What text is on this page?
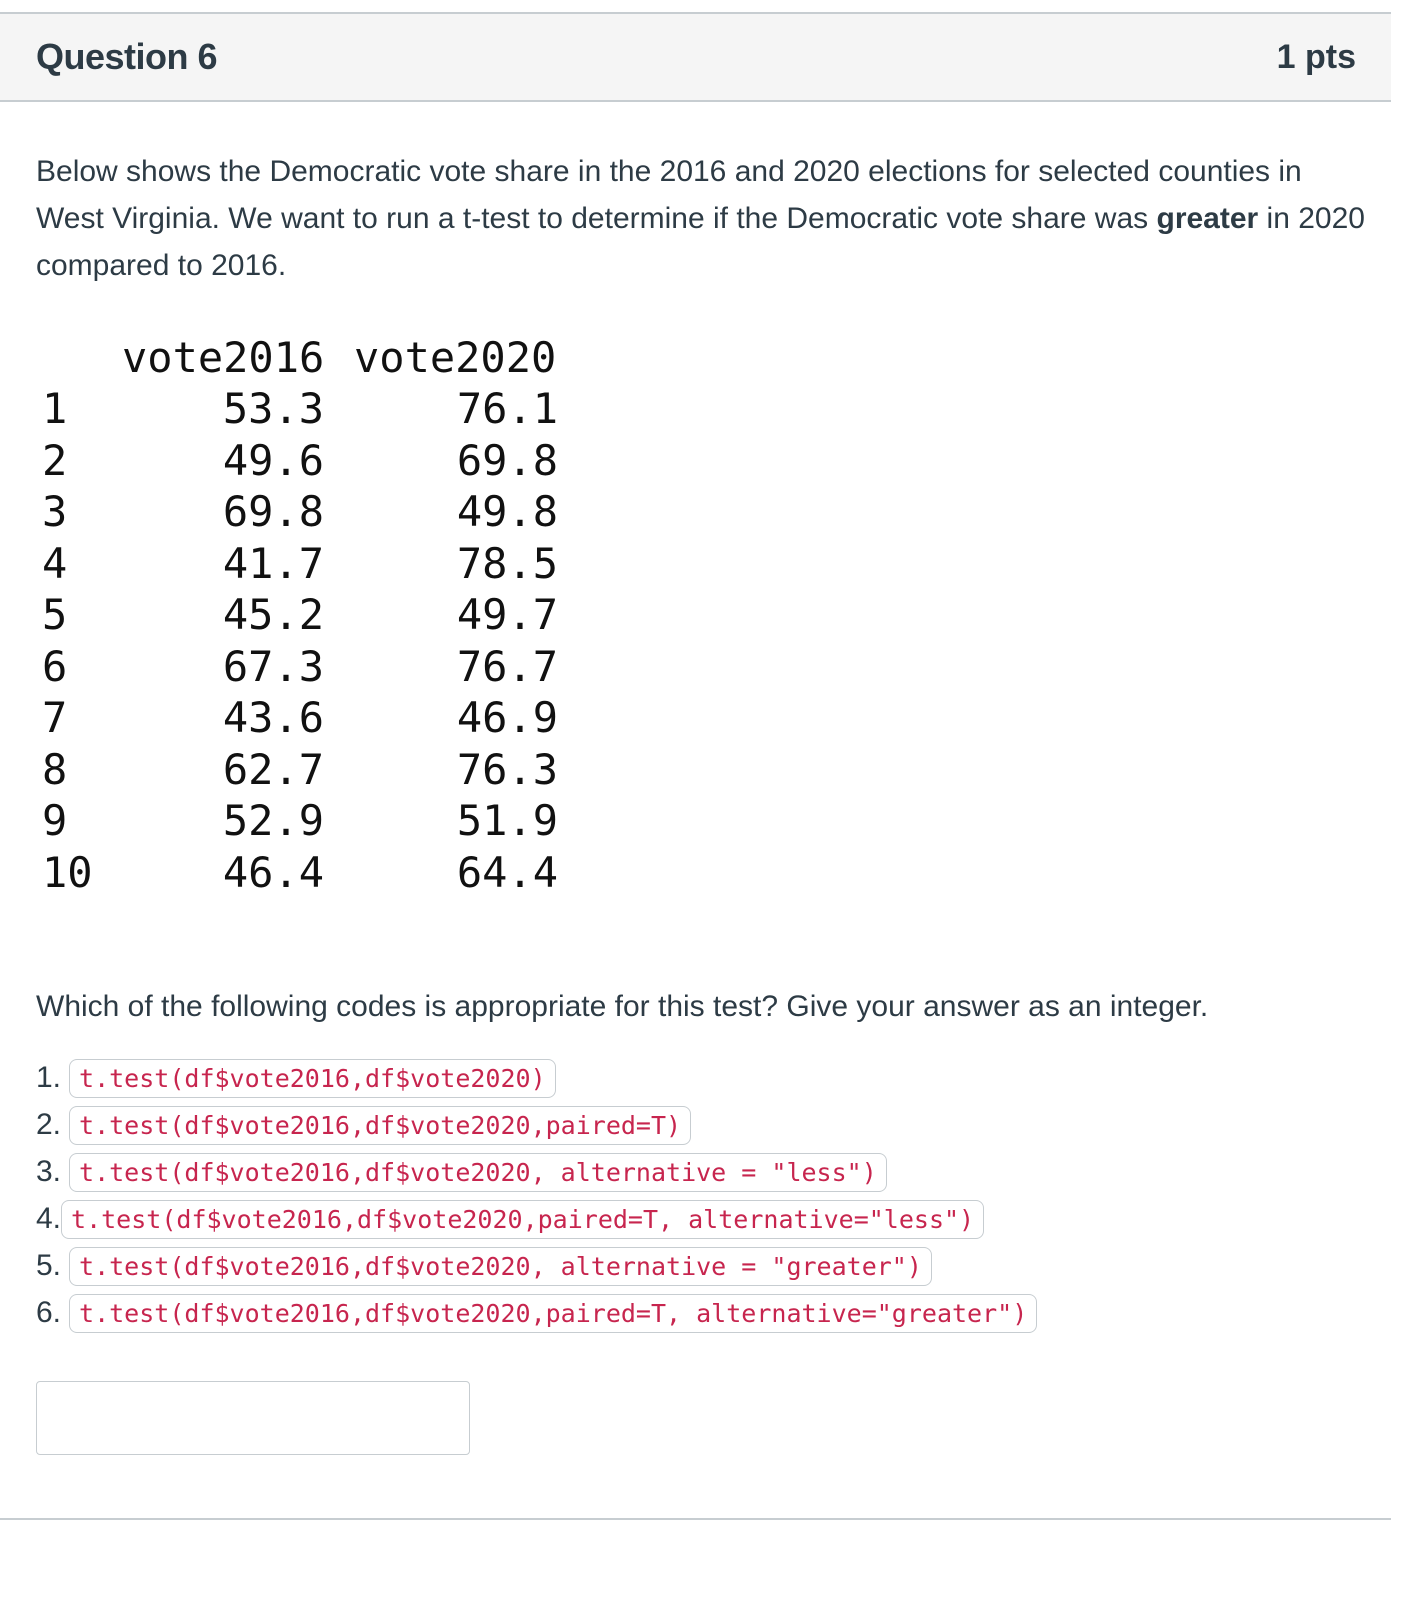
Question 6	1 pts
Below shows the Democratic vote share in the 2016 and 2020 elections for selected counties in West Virginia. We want to run a t-test to determine if the Democratic vote share was greater in 2020 compared to 2016.
vote2016 vote2020
1	53.3	76.1
2	49.6	69.8
3	69.8	49.8
4	41.7	78.5
5	45.2	49.7
6	67.3	76.7
7	43.6	46.9
8	62.7	76.3
9	52.9	51.9
10	46.4	64.4
Which of the following codes is appropriate for this test? Give your answer as an integer.
1. t.test(df$vote2016,df$vote2020)
2. t.test(df$vote2016,df$vote2020,paired=T)
3. t.test(df$vote2016,df$vote2020, alternative = "less")
4. t.test(df$vote2016,df$vote2020,paired=T, alternative="less")
5. t.test(df$vote2016,df$vote2020, alternative = "greater")
6. t.test(df$vote2016,df$vote2020,paired=T, alternative="greater")
